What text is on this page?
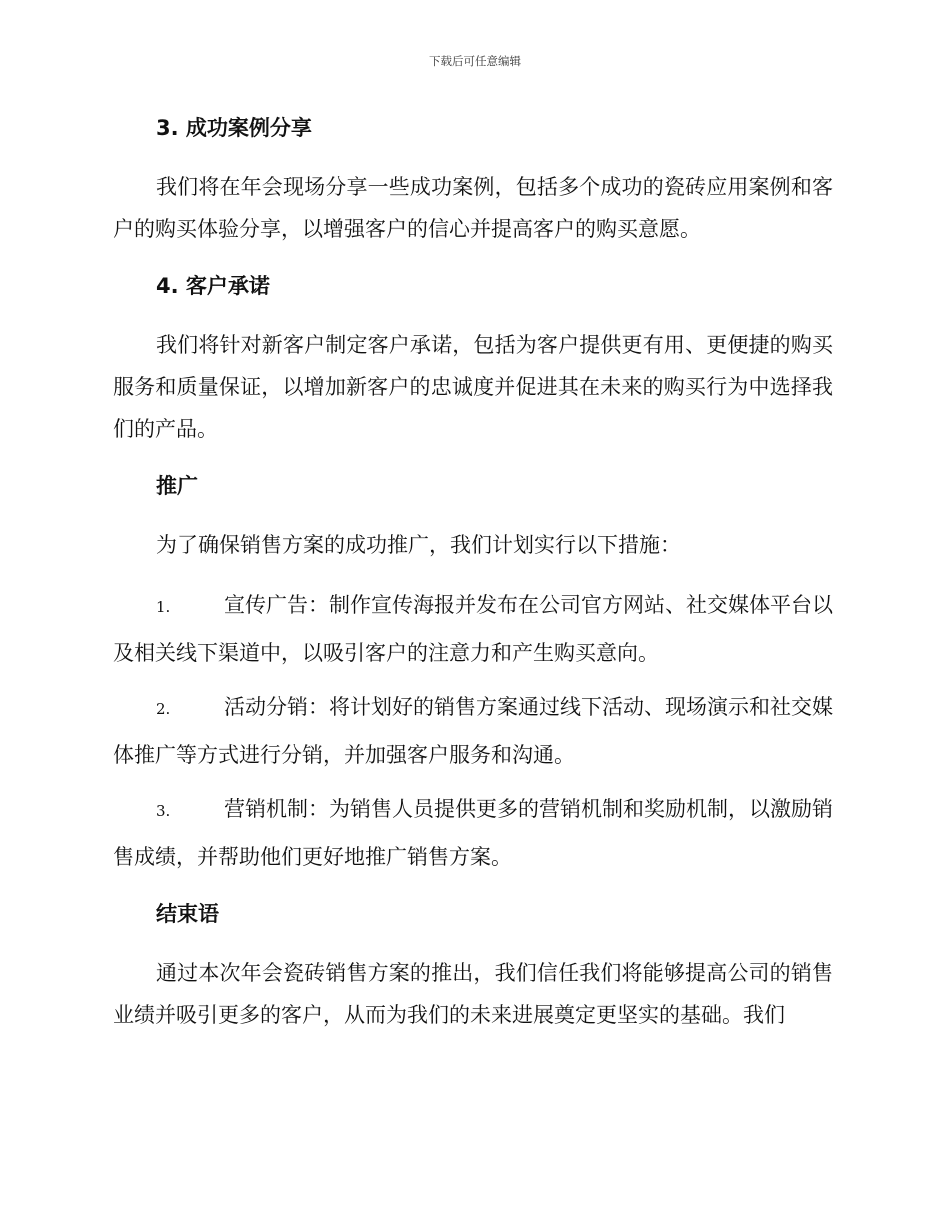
下载后可任意编辑
3. 成功案例分享

我们将在年会现场分享一些成功案例，包括多个成功的瓷砖应用案例和客户的购买体验分享，以增强客户的信心并提高客户的购买意愿。

4. 客户承诺

我们将针对新客户制定客户承诺，包括为客户提供更有用、更便捷的购买服务和质量保证，以增加新客户的忠诚度并促进其在未来的购买行为中选择我们的产品。

推广

为了确保销售方案的成功推广，我们计划实行以下措施：

1.	宣传广告：制作宣传海报并发布在公司官方网站、社交媒体平台以及相关线下渠道中，以吸引客户的注意力和产生购买意向。
2.	活动分销：将计划好的销售方案通过线下活动、现场演示和社交媒体推广等方式进行分销，并加强客户服务和沟通。
3.	营销机制：为销售人员提供更多的营销机制和奖励机制，以激励销售成绩，并帮助他们更好地推广销售方案。
结束语

通过本次年会瓷砖销售方案的推出，我们信任我们将能够提高公司的销售业绩并吸引更多的客户，从而为我们的未来进展奠定更坚实的基础。我们
